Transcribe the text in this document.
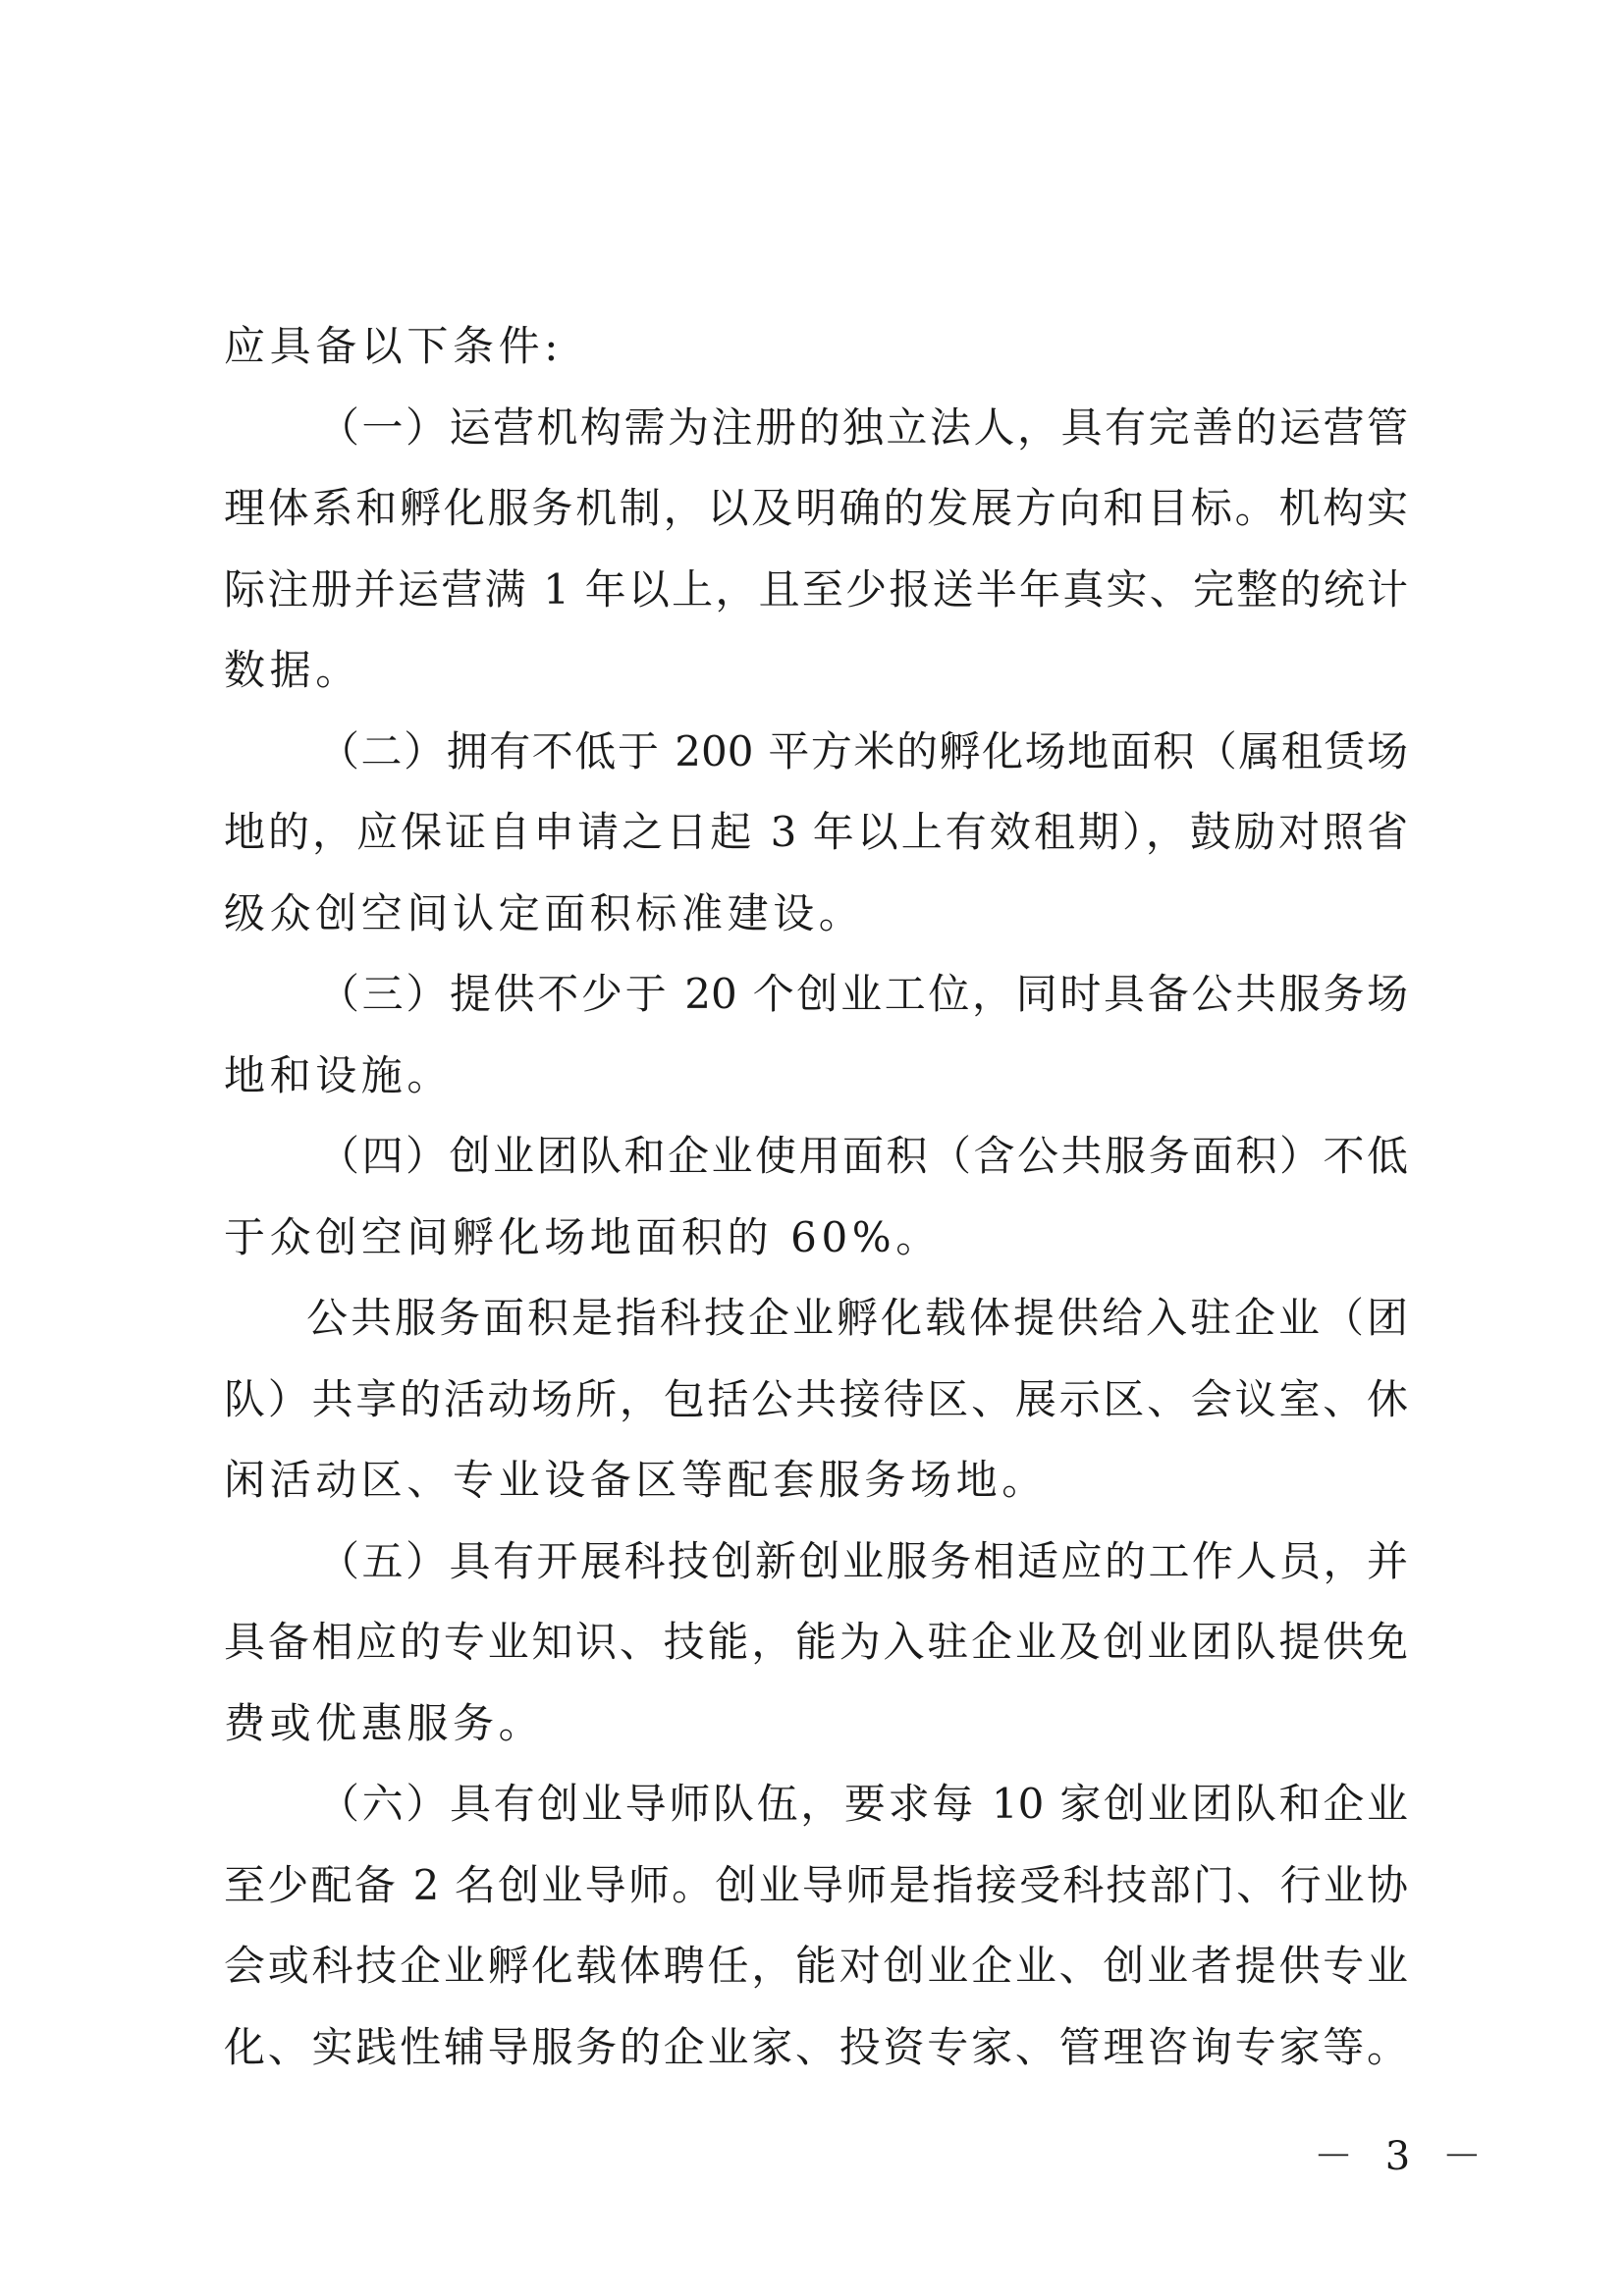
应具备以下条件:
（一）运营机构需为注册的独立法人，具有完善的运营管
理体系和孵化服务机制，以及明确的发展方向和目标。机构实
际注册并运营满 1 年以上，且至少报送半年真实、完整的统计
数据。
（二）拥有不低于 200 平方米的孵化场地面积（属租赁场
地的，应保证自申请之日起 3 年以上有效租期），鼓励对照省
级众创空间认定面积标准建设。
（三）提供不少于 20 个创业工位，同时具备公共服务场
地和设施。
（四）创业团队和企业使用面积（含公共服务面积）不低
于众创空间孵化场地面积的 60%。
公共服务面积是指科技企业孵化载体提供给入驻企业（团
队）共享的活动场所，包括公共接待区、展示区、会议室、休
闲活动区、专业设备区等配套服务场地。
（五）具有开展科技创新创业服务相适应的工作人员，并
具备相应的专业知识、技能，能为入驻企业及创业团队提供免
费或优惠服务。
（六）具有创业导师队伍，要求每 10 家创业团队和企业
至少配备 2 名创业导师。创业导师是指接受科技部门、行业协
会或科技企业孵化载体聘任，能对创业企业、创业者提供专业
化、实践性辅导服务的企业家、投资专家、管理咨询专家等。
－ 3 －
